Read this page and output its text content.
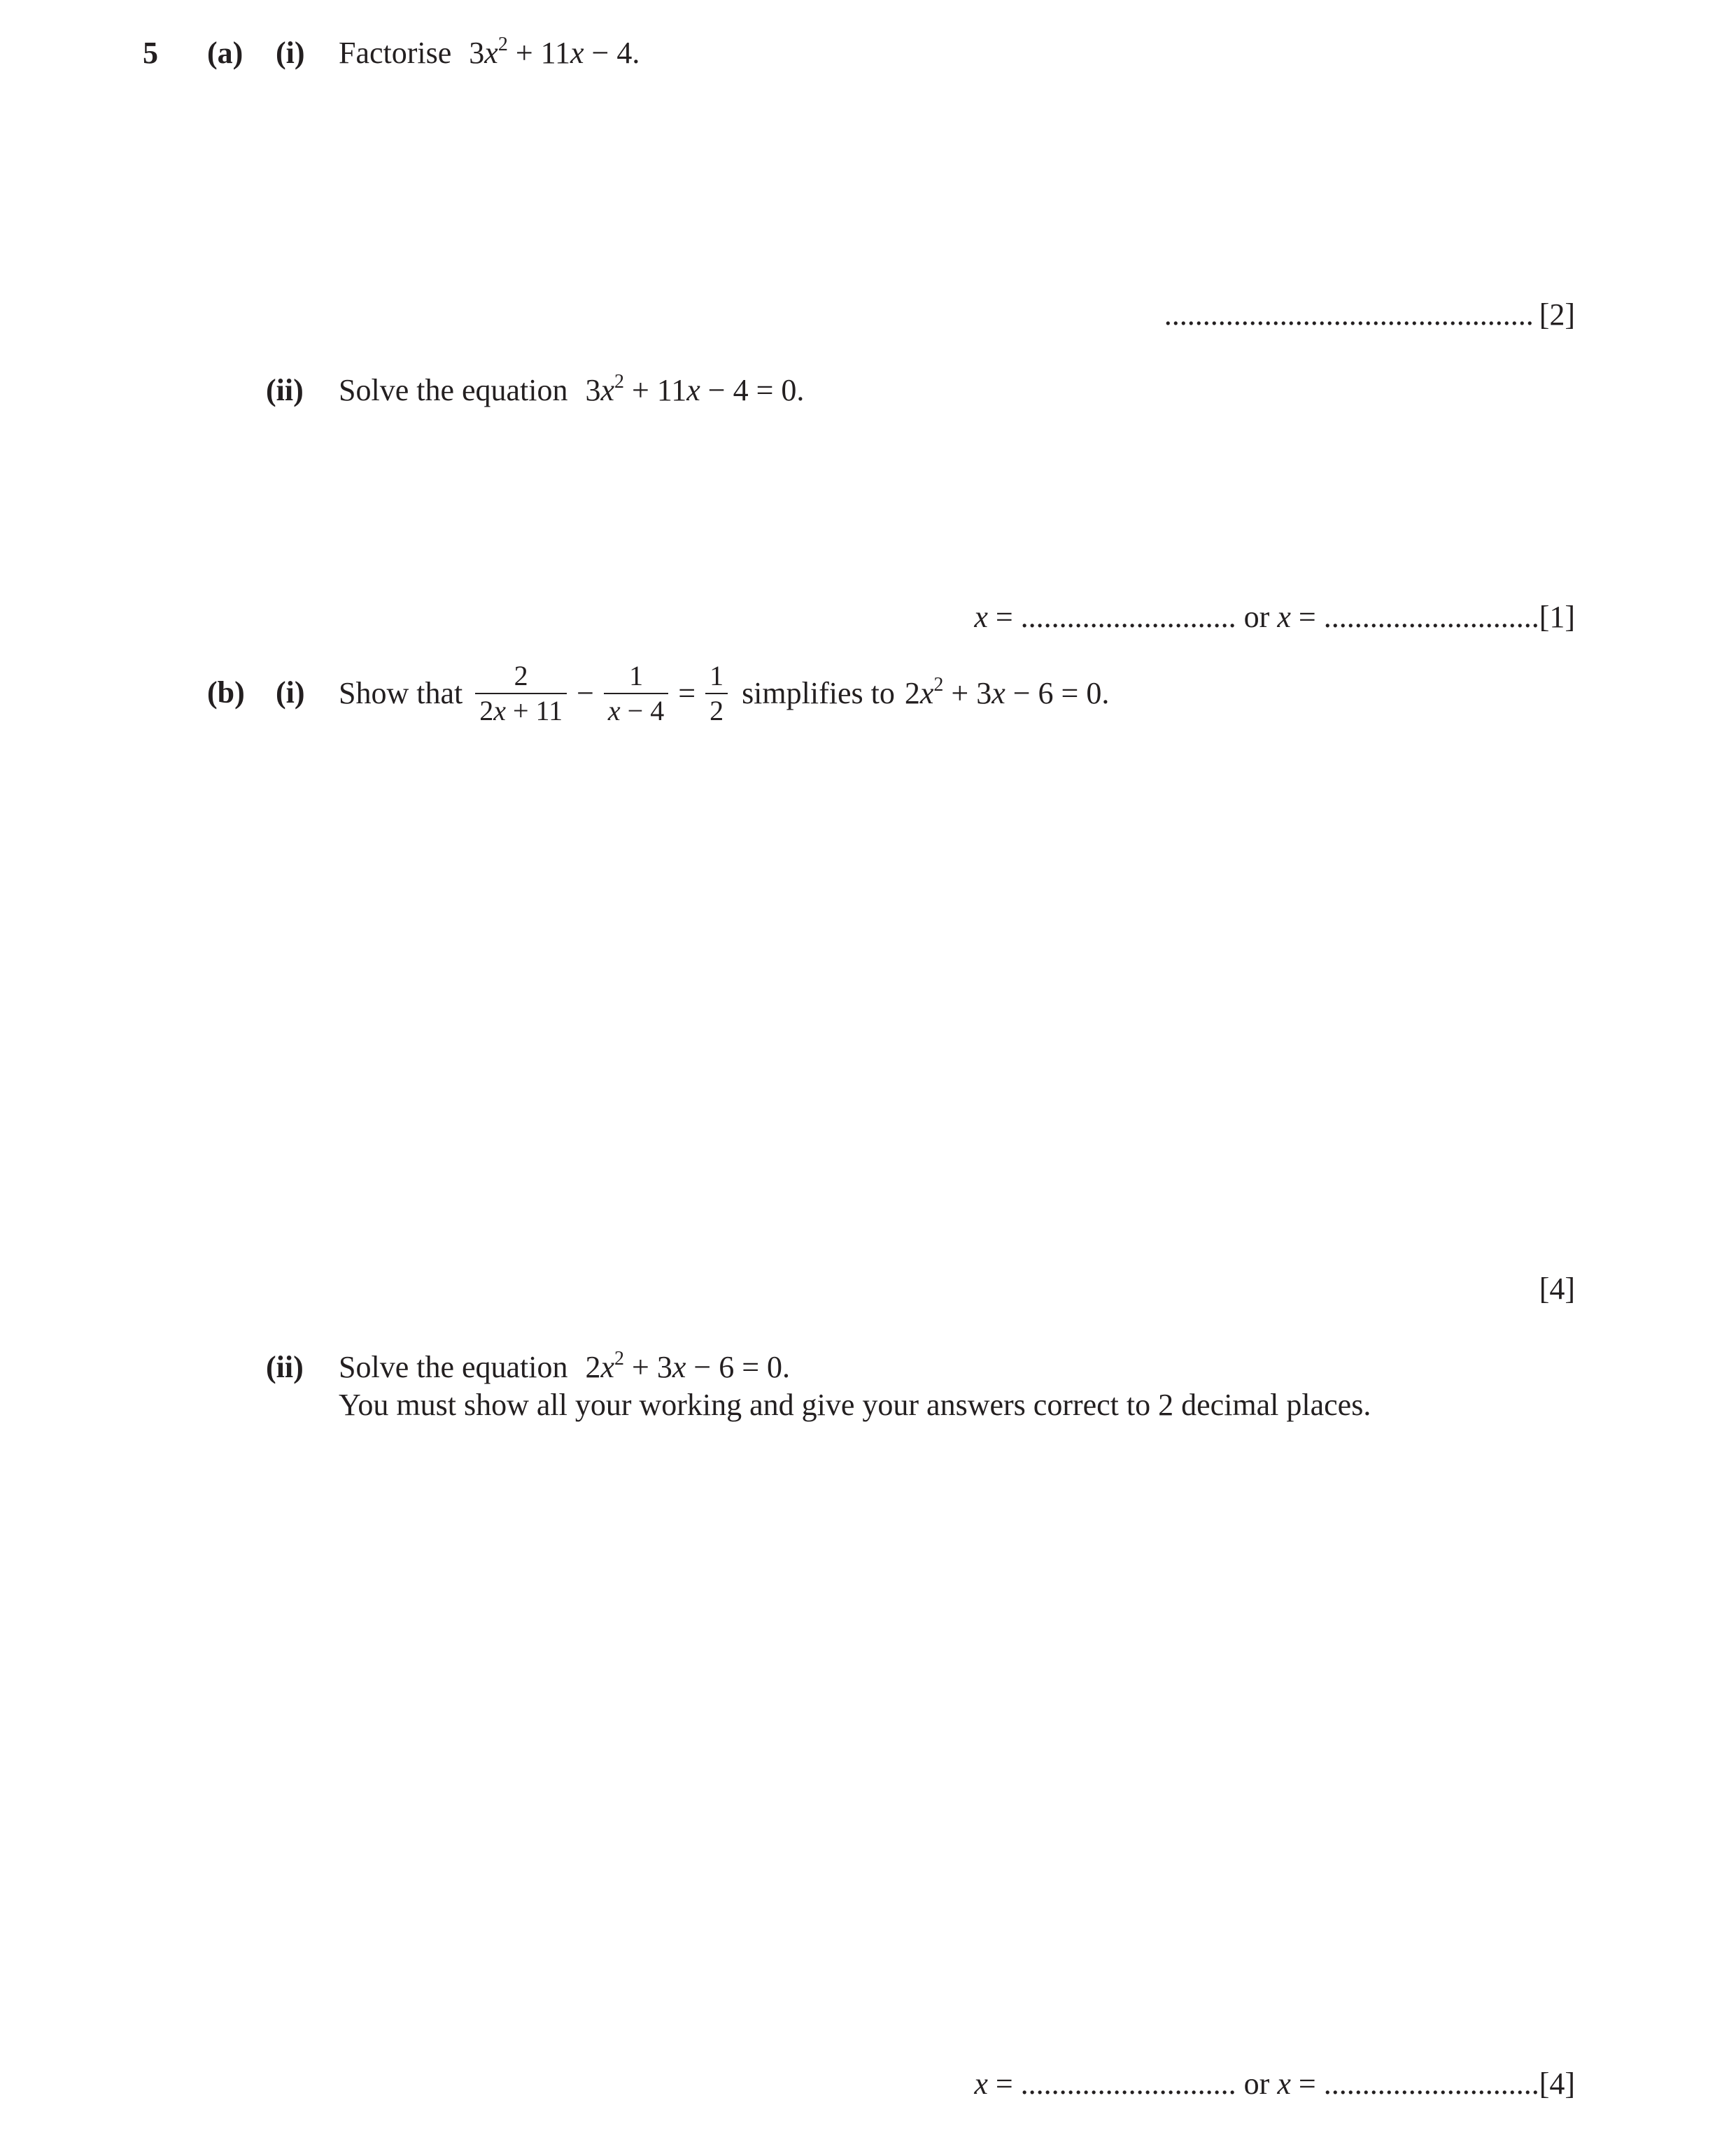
5 (a) (i) Factorise $3x^2 + 11x - 4$.
................................................ [2]
(ii) Solve the equation $3x^2 + 11x - 4 = 0$.
x = ............................ or x = ............................[1]
(b) (i) Show that $\frac{2}{2x + 11} - \frac{1}{x - 4} = \frac{1}{2}$ simplifies to $2x^2 + 3x - 6 = 0$.
[4]
(ii) Solve the equation $2x^2 + 3x - 6 = 0$.
You must show all your working and give your answers correct to 2 decimal places.
x = ............................ or x = ............................[4]
